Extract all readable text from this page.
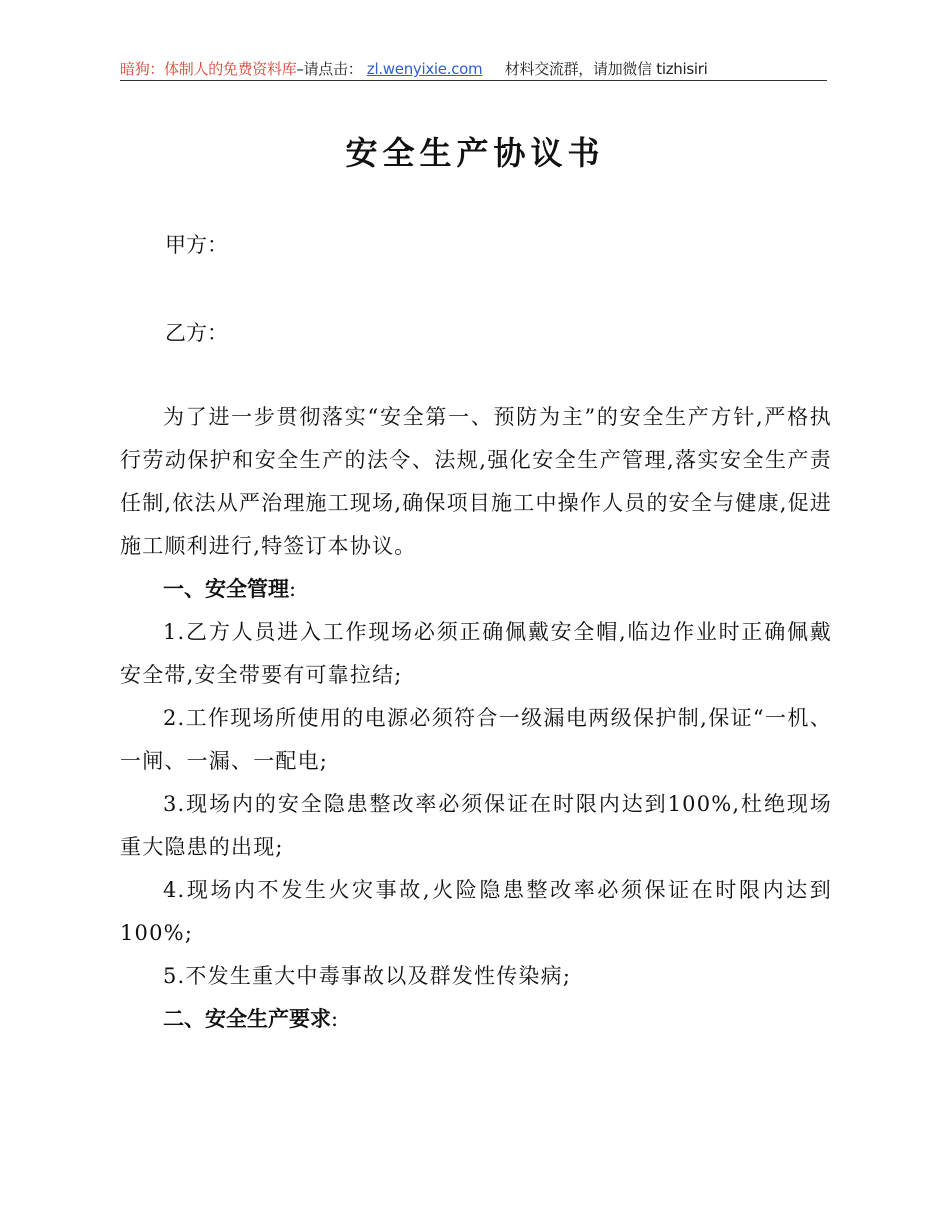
暗狗：体制人的免费资料库–请点击： zl.wenyixie.com 材料交流群，请加微信 tizhisiri
安全生产协议书
甲方：
乙方：

为了进一步贯彻落实“安全第一、预防为主”的安全生产方针,严格执行劳动保护和安全生产的法令、法规,强化安全生产管理,落实安全生产责任制,依法从严治理施工现场,确保项目施工中操作人员的安全与健康,促进施工顺利进行,特签订本协议。

一、安全管理:

1.乙方人员进入工作现场必须正确佩戴安全帽,临边作业时正确佩戴安全带,安全带要有可靠拉结;

2.工作现场所使用的电源必须符合一级漏电两级保护制,保证“一机、一闸、一漏、一配电;

3.现场内的安全隐患整改率必须保证在时限内达到100%,杜绝现场重大隐患的出现;

4.现场内不发生火灾事故,火险隐患整改率必须保证在时限内达到100%;

5.不发生重大中毒事故以及群发性传染病;

二、安全生产要求:
